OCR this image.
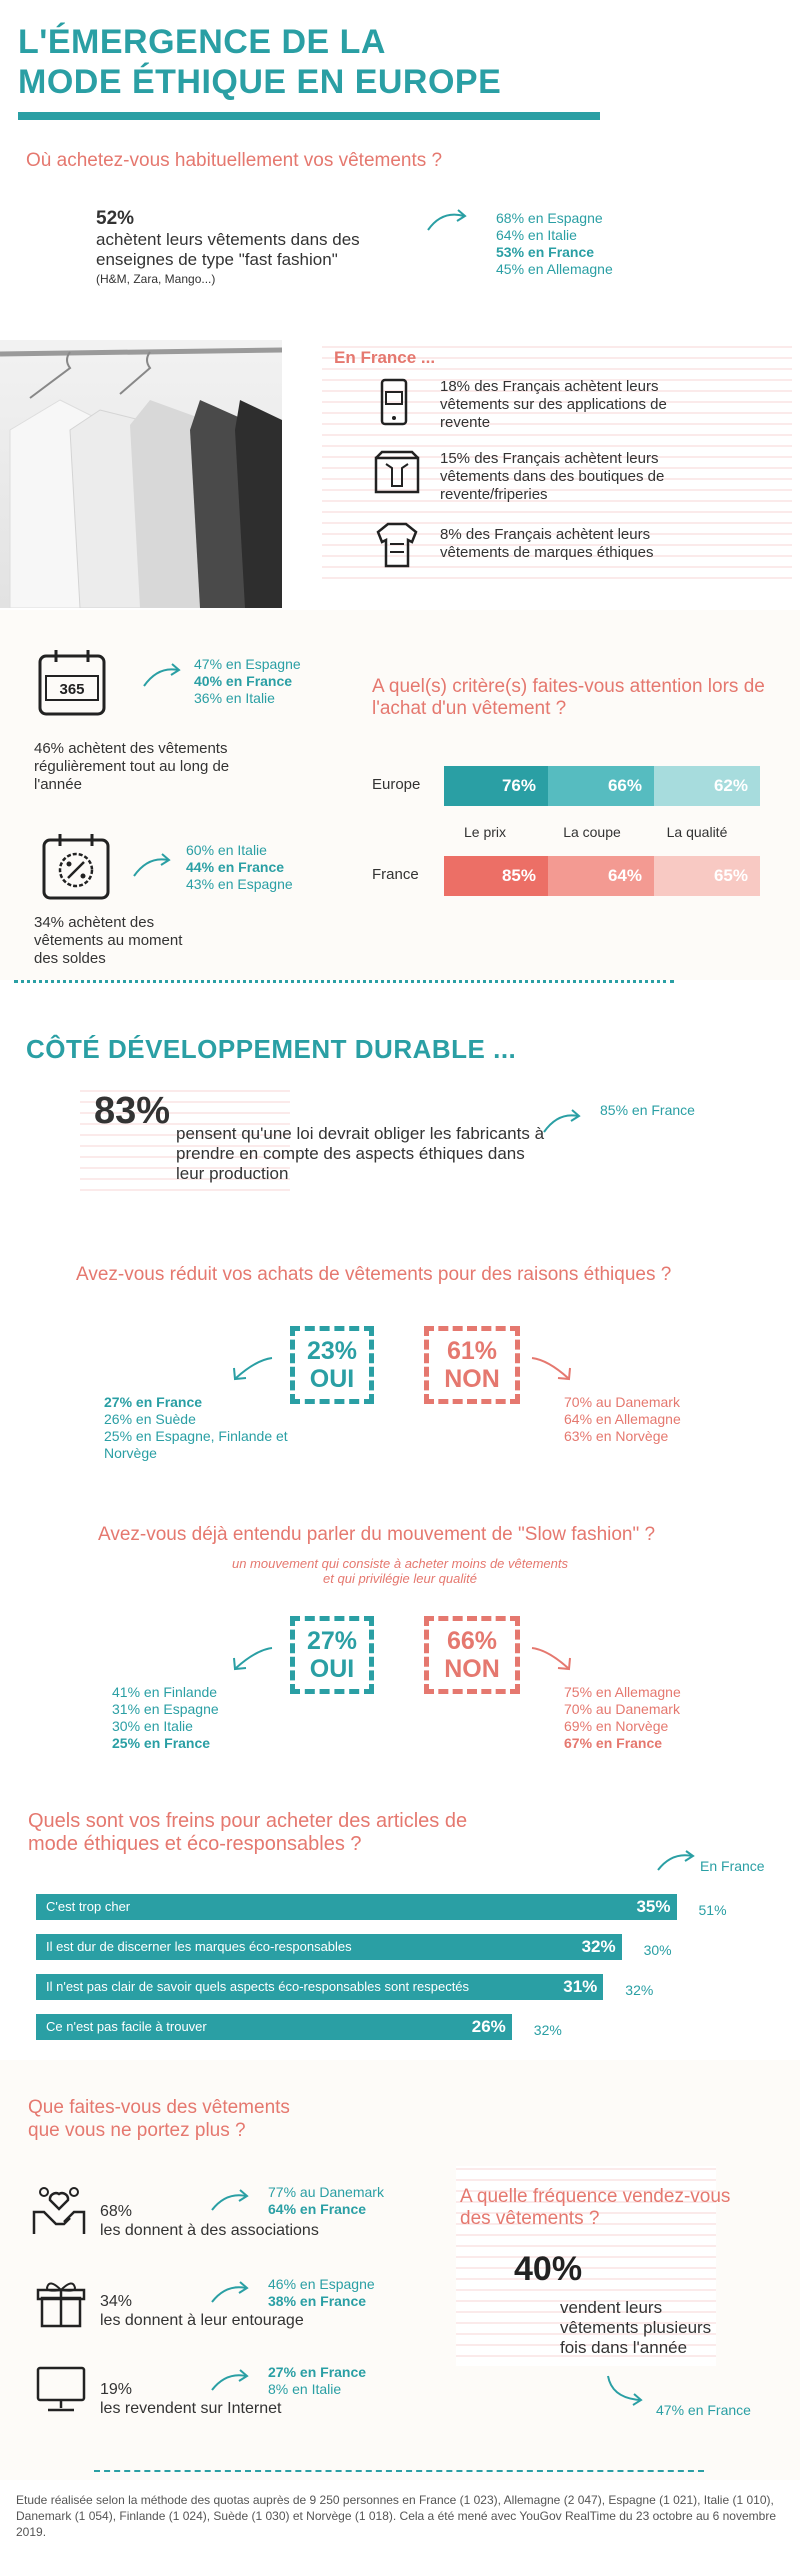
L'ÉMERGENCE DE LA
MODE ÉTHIQUE EN EUROPE
Où achetez-vous habituellement vos vêtements ?
52%
achètent leurs vêtements dans des enseignes de type "fast fashion"
(H&M, Zara, Mango...)
68% en Espagne
64% en Italie
53% en France
45% en Allemagne
En France ...
18% des Français achètent leurs vêtements sur des applications de revente
15% des Français achètent leurs vêtements dans des boutiques de revente/friperies
8% des Français achètent leurs vêtements de marques éthiques
365
47% en Espagne
40% en France
36% en Italie
46% achètent des vêtements régulièrement tout au long de l'année
60% en Italie
44% en France
43% en Espagne
34% achètent des vêtements au moment des soldes
A quel(s) critère(s) faites-vous attention lors de l'achat d'un vêtement ?
Europe	76%	66%	62%
Le prix	La coupe	La qualité
France	85%	64%	65%
CÔTÉ DÉVELOPPEMENT DURABLE ...
83%
pensent qu'une loi devrait obliger les fabricants à prendre en compte des aspects éthiques dans leur production
85% en France
Avez-vous réduit vos achats de vêtements pour des raisons éthiques ?
23%
OUI
61%
NON
27% en France
26% en Suède
25% en Espagne, Finlande et Norvège
70% au Danemark
64% en Allemagne
63% en Norvège
Avez-vous déjà entendu parler du mouvement de "Slow fashion" ?
un mouvement qui consiste à acheter moins de vêtements
et qui privilégie leur qualité
27%
OUI
66%
NON
41% en Finlande
31% en Espagne
30% en Italie
25% en France
75% en Allemagne
70% au Danemark
69% en Norvège
67% en France
Quels sont vos freins pour acheter des articles de
mode éthiques et éco-responsables ?
En France
C'est trop cher	35% 51%
Il est dur de discerner les marques éco-responsables	32% 30%
Il n'est pas clair de savoir quels aspects éco-responsables sont respectés	31% 32%
Ce n'est pas facile à trouver	26% 32%
Que faites-vous des vêtements
que vous ne portez plus ?
68%
les donnent à des associations
77% au Danemark
64% en France
34%
les donnent à leur entourage
46% en Espagne
38% en France
19%
les revendent sur Internet
27% en France
8% en Italie
A quelle fréquence vendez-vous des vêtements ?
40%
vendent leurs vêtements plusieurs fois dans l'année
47% en France
Etude réalisée selon la méthode des quotas auprès de 9 250 personnes en France (1 023), Allemagne (2 047), Espagne (1 021), Italie (1 010), Danemark (1 054), Finlande (1 024), Suède (1 030) et Norvège (1 018). Cela a été mené avec YouGov RealTime du 23 octobre au 6 novembre 2019.
